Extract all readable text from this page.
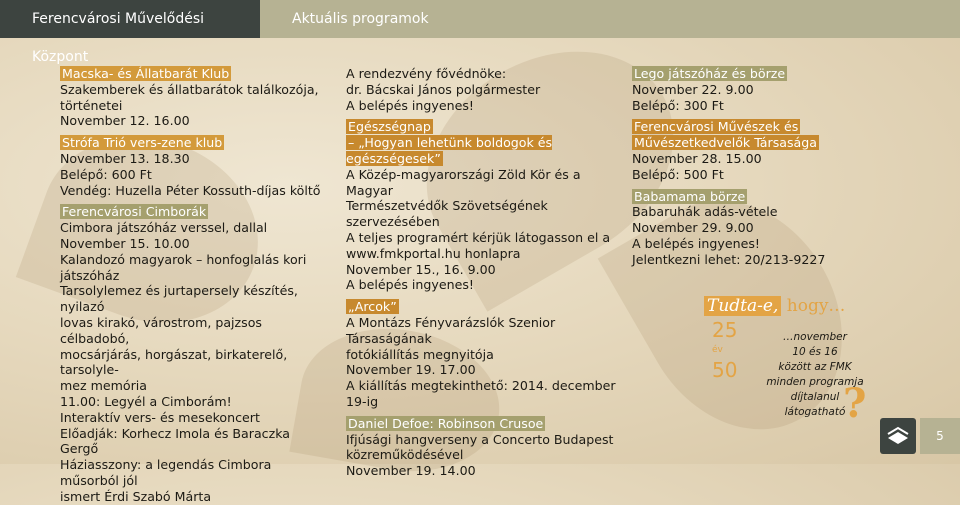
Ferencvárosi Művelődési Központ
Aktuális programok

Macska- és Állatbarát Klub

Szakemberek és állatbarátok találkozója,

történetei

November 12. 16.00

Strófa Trió vers-zene klub

November 13. 18.30

Belépő: 600 Ft

Vendég: Huzella Péter Kossuth-díjas költő

Ferencvárosi Cimborák

Cimbora játszóház verssel, dallal

November 15. 10.00

Kalandozó magyarok – honfoglalás kori játszóház

Tarsolylemez és jurtapersely készítés, nyilazó

lovas kirakó, várostrom, pajzsos célbadobó,

mocsárjárás, horgászat, birkaterelő, tarsolyle-

mez memória

11.00: Legyél a Cimborám!

Interaktív vers- és mesekoncert

Előadják: Korhecz Imola és Baraczka Gergő

Háziasszony: a legendás Cimbora műsorból jól

ismert Érdi Szabó Márta

A rendezvény fővédnöke:

dr. Bácskai János polgármester

A belépés ingyenes!

Egészségnap

– „Hogyan lehetünk boldogok és egészségesek”

A Közép-magyarországi Zöld Kör és a Magyar

Természetvédők Szövetségének szervezésében

A teljes programért kérjük látogasson el a

www.fmkportal.hu honlapra

November 15., 16. 9.00

A belépés ingyenes!

„Arcok”

A Montázs Fényvarázslók Szenior Társaságának

fotókiállítás megnyitója

November 19. 17.00

A kiállítás megtekinthető: 2014. december 19-ig

Daniel Defoe: Robinson Crusoe

Ifjúsági hangverseny a Concerto Budapest

közreműködésével

November 19. 14.00

Lego játszóház és börze

November 22. 9.00

Belépő: 300 Ft

Ferencvárosi Művészek és

Művészetkedvelők Társasága

November 28. 15.00

Belépő: 500 Ft

Babamama börze

Babaruhák adás-vétele

November 29. 9.00

A belépés ingyenes!

Jelentkezni lehet: 20/213-9227

Tudta-e, hogy…
25
év
50
…november
10 és 16
között az FMK
minden programja
díjtalanul
látogatható
?
5
